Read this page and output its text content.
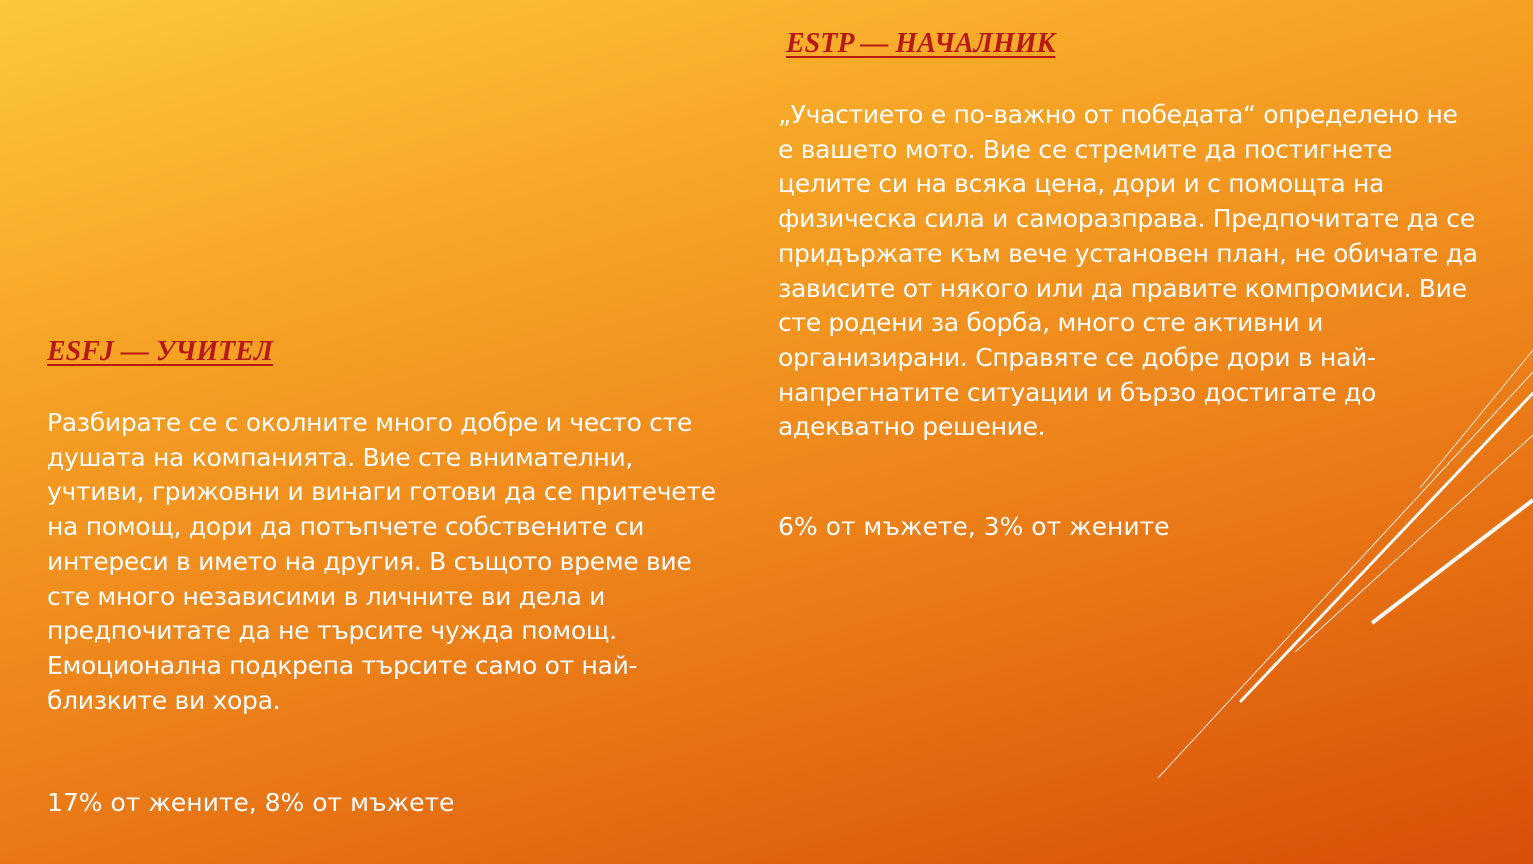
ESFJ — УЧИТЕЛ

Разбирате се с околните много добре и често сте душата на компанията. Вие сте внимателни, учтиви, грижовни и винаги готови да се притечете на помощ, дори да потъпчете собствените си интереси в името на другия. В същото време вие сте много независими в личните ви дела и предпочитате да не търсите чужда помощ. Емоционална подкрепа търсите само от най-близките ви хора.

17% от жените, 8% от мъжете

ESTP — НАЧАЛНИК

„Участието е по-важно от победата“ определено не е вашето мото. Вие се стремите да постигнете целите си на всяка цена, дори и с помощта на физическа сила и саморазправа. Предпочитате да се придържате към вече установен план, не обичате да зависите от някого или да правите компромиси. Вие сте родени за борба, много сте активни и организирани. Справяте се добре дори в най-напрегнатите ситуации и бързо достигате до адекватно решение.

6% от мъжете, 3% от жените
